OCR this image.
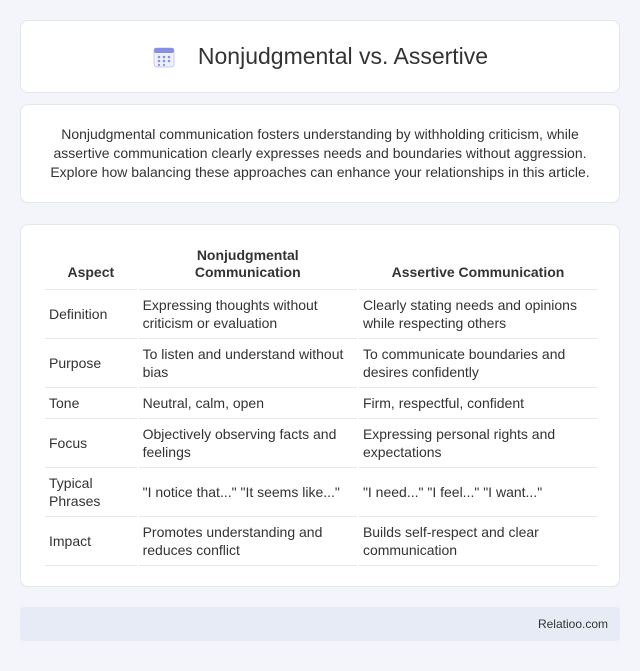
Nonjudgmental vs. Assertive

Nonjudgmental communication fosters understanding by withholding criticism, while assertive communication clearly expresses needs and boundaries without aggression. Explore how balancing these approaches can enhance your relationships in this article.

Aspect	Nonjudgmental Communication	Assertive Communication
Definition	Expressing thoughts without criticism or evaluation	Clearly stating needs and opinions while respecting others
Purpose	To listen and understand without bias	To communicate boundaries and desires confidently
Tone	Neutral, calm, open	Firm, respectful, confident
Focus	Objectively observing facts and feelings	Expressing personal rights and expectations
Typical Phrases	"I notice that..." "It seems like..."	"I need..." "I feel..." "I want..."
Impact	Promotes understanding and reduces conflict	Builds self-respect and clear communication
Relatioo.com
